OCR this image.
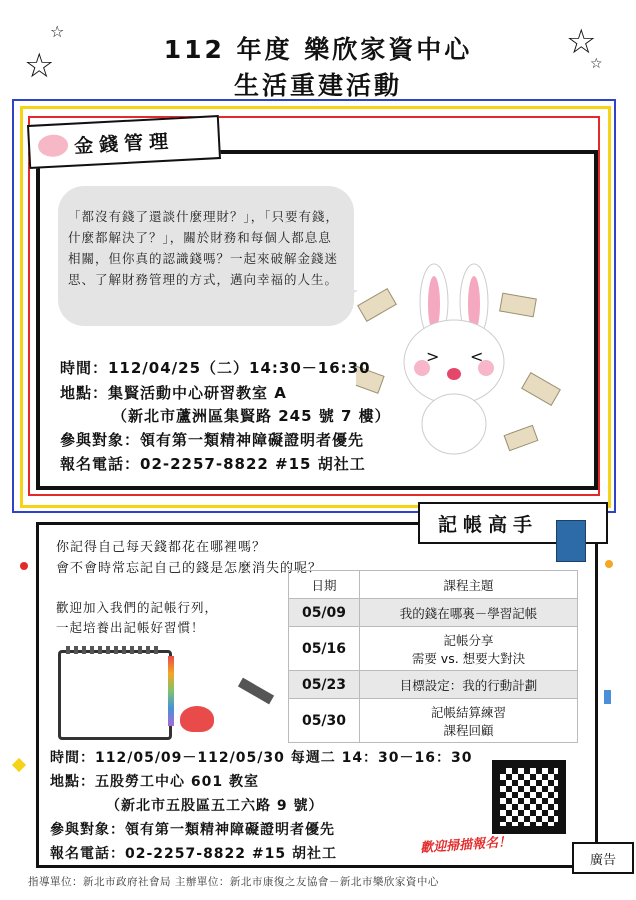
☆
☆
☆
☆
112 年度 樂欣家資中心
生活重建活動
金錢管理
「都沒有錢了還談什麼理財？」，「只要有錢，什麼都解決了？」，關於財務和每個人都息息相關，但你真的認識錢嗎？一起來破解金錢迷思、了解財務管理的方式，邁向幸福的人生。
> <
時間：112/04/25（二）14:30－16:30
地點：集賢活動中心研習教室 A
（新北市蘆洲區集賢路 245 號 7 樓）
參與對象：領有第一類精神障礙證明者優先
報名電話：02-2257-8822 #15 胡社工
記帳高手
你記得自己每天錢都花在哪裡嗎？
會不會時常忘記自己的錢是怎麼消失的呢？
歡迎加入我們的記帳行列，
一起培養出記帳好習慣！
日期	課程主題
05/09	我的錢在哪裏－學習記帳
05/16	記帳分享
需要 vs. 想要大對決

05/23	目標設定：我的行動計劃
05/30	記帳結算練習
課程回顧
時間：112/05/09－112/05/30 每週二 14：30－16：30
地點：五股勞工中心 601 教室
（新北市五股區五工六路 9 號）
參與對象：領有第一類精神障礙證明者優先
報名電話：02-2257-8822 #15 胡社工	歡迎掃描報名！
廣告
指導單位：新北市政府社會局 主辦單位：新北市康復之友協會－新北市樂欣家資中心
